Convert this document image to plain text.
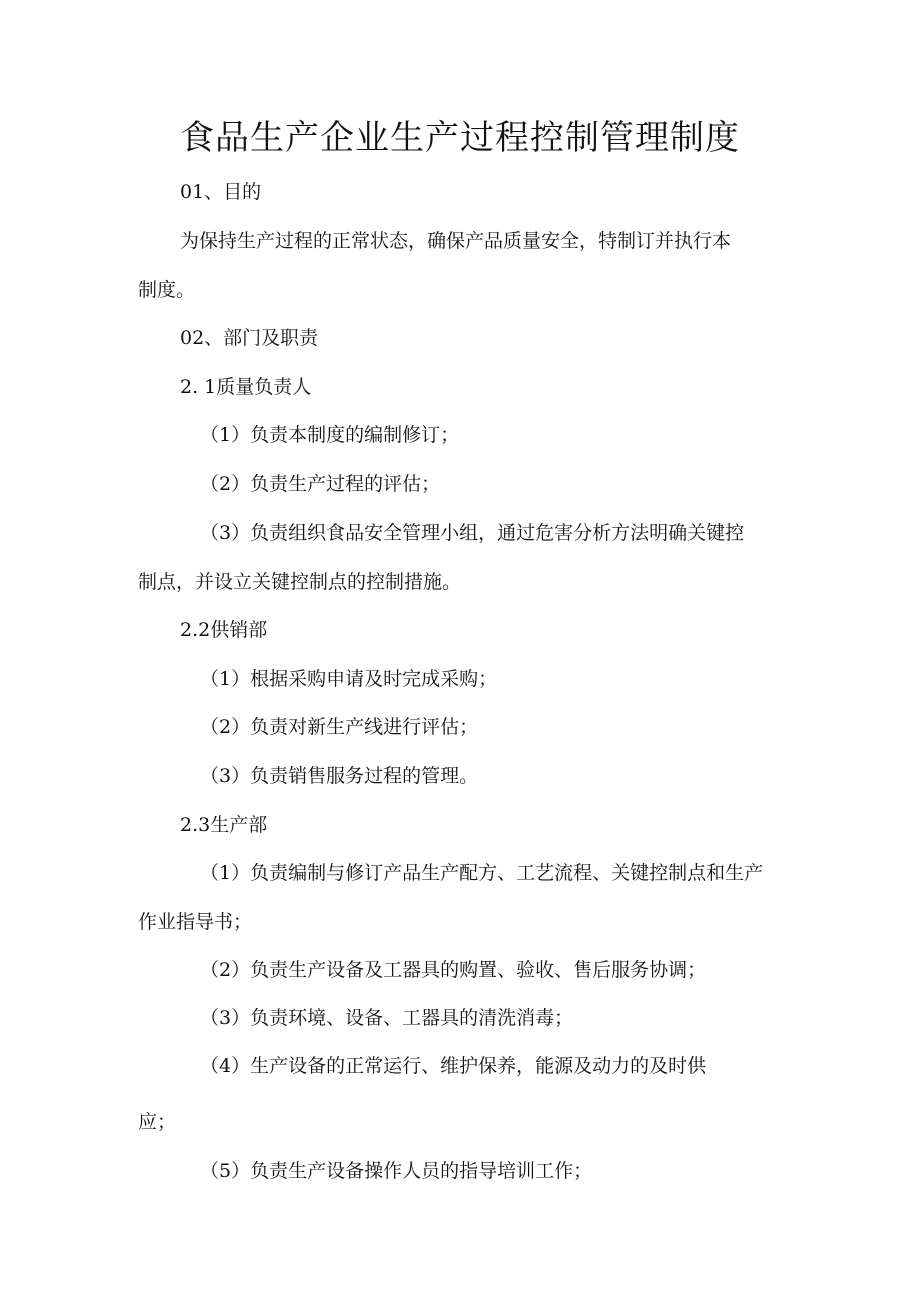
食品生产企业生产过程控制管理制度

01、目的

为保持生产过程的正常状态，确保产品质量安全，特制订并执行本

制度。

02、部门及职责

2. 1质量负责人

（1）负责本制度的编制修订；

（2）负责生产过程的评估；

（3）负责组织食品安全管理小组，通过危害分析方法明确关键控

制点，并设立关键控制点的控制措施。

2.2供销部

（1）根据采购申请及时完成采购；

（2）负责对新生产线进行评估；

（3）负责销售服务过程的管理。

2.3生产部

（1）负责编制与修订产品生产配方、工艺流程、关键控制点和生产

作业指导书；

（2）负责生产设备及工器具的购置、验收、售后服务协调；

（3）负责环境、设备、工器具的清洗消毒；

（4）生产设备的正常运行、维护保养，能源及动力的及时供

应；

（5）负责生产设备操作人员的指导培训工作；
